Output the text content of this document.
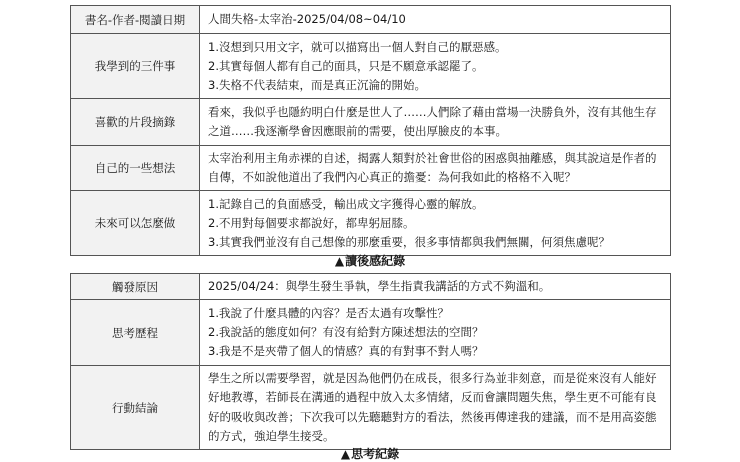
書名-作者-閱讀日期	人間失格-太宰治-2025/04/08~04/10

我學到的三件事	1.沒想到只用文字，就可以描寫出一個人對自己的厭惡感。
2.其實每個人都有自己的面具，只是不願意承認罷了。
3.失格不代表結束，而是真正沉淪的開始。

喜歡的片段摘錄	看來，我似乎也隱約明白什麼是世人了……人們除了藉由當場一決勝負外，沒有其他生存之道……我逐漸學會因應眼前的需要，使出厚臉皮的本事。

自己的一些想法	太宰治利用主角赤裸的自述，揭露人類對於社會世俗的困惑與抽離感，與其說這是作者的自傳，不如說他道出了我們內心真正的擔憂：為何我如此的格格不入呢？

未來可以怎麼做	1.記錄自己的負面感受，輸出成文字獲得心靈的解放。
2.不用對每個要求都說好，都卑躬屈膝。
3.其實我們並沒有自己想像的那麼重要，很多事情都與我們無關，何須焦慮呢？
▲讀後感紀錄
觸發原因	2025/04/24：與學生發生爭執，學生指責我講話的方式不夠溫和。

思考歷程	1.我說了什麼具體的內容？是否太過有攻擊性？
2.我說話的態度如何？有沒有給對方陳述想法的空間？
3.我是不是夾帶了個人的情感？真的有對事不對人嗎？

行動結論	學生之所以需要學習，就是因為他們仍在成長，很多行為並非刻意，而是從來沒有人能好好地教導，若師長在溝通的過程中放入太多情緒，反而會讓問題失焦，學生更不可能有良好的吸收與改善；下次我可以先聽聽對方的看法，然後再傳達我的建議，而不是用高姿態的方式，強迫學生接受。
▲思考紀錄
